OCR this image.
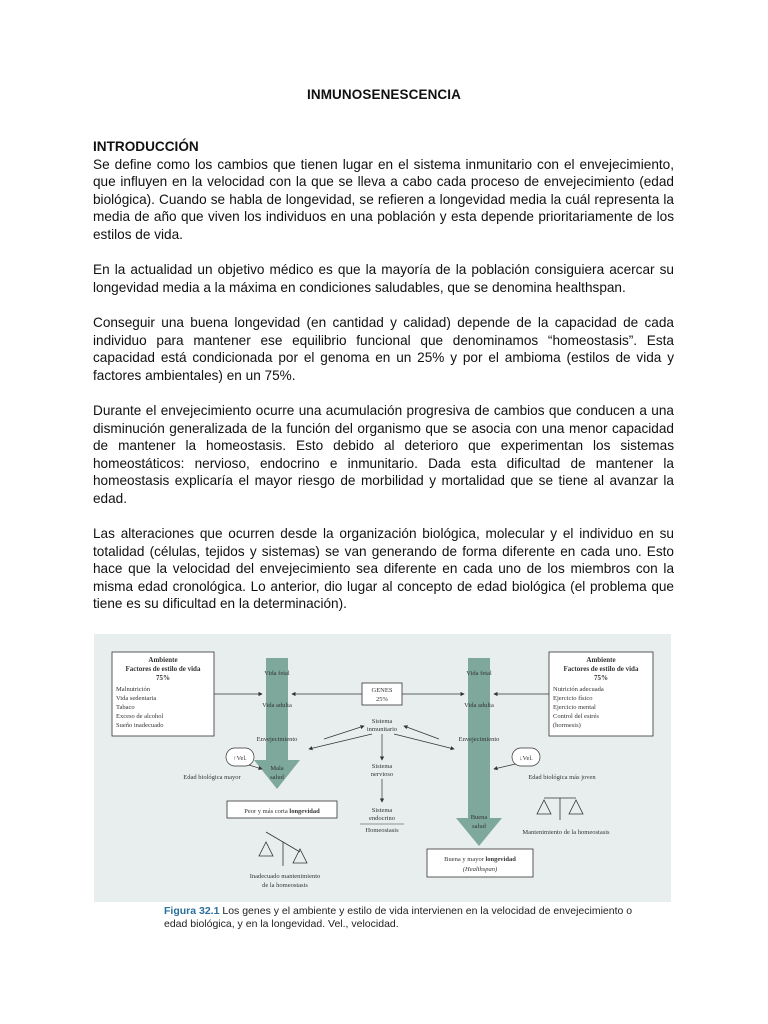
INMUNOSENESCENCIA
INTRODUCCIÓN

Se define como los cambios que tienen lugar en el sistema inmunitario con el envejecimiento, que influyen en la velocidad con la que se lleva a cabo cada proceso de envejecimiento (edad biológica). Cuando se habla de longevidad, se refieren a longevidad media la cuál representa la media de año que viven los individuos en una población y esta depende prioritariamente de los estilos de vida.

En la actualidad un objetivo médico es que la mayoría de la población consiguiera acercar su longevidad media a la máxima en condiciones saludables, que se denomina healthspan.

Conseguir una buena longevidad (en cantidad y calidad) depende de la capacidad de cada individuo para mantener ese equilibrio funcional que denominamos “homeostasis”. Esta capacidad está condicionada por el genoma en un 25% y por el ambioma (estilos de vida y factores ambientales) en un 75%.

Durante el envejecimiento ocurre una acumulación progresiva de cambios que conducen a una disminución generalizada de la función del organismo que se asocia con una menor capacidad de mantener la homeostasis. Esto debido al deterioro que experimentan los sistemas homeostáticos: nervioso, endocrino e inmunitario. Dada esta dificultad de mantener la homeostasis explicaría el mayor riesgo de morbilidad y mortalidad que se tiene al avanzar la edad.

Las alteraciones que ocurren desde la organización biológica, molecular y el individuo en su totalidad (células, tejidos y sistemas) se van generando de forma diferente en cada uno. Esto hace que la velocidad del envejecimiento sea diferente en cada uno de los miembros con la misma edad cronológica. Lo anterior, dio lugar al concepto de edad biológica (el problema que tiene es su dificultad en la determinación).

Ambiente
Factores de estilo de vida
75%
Malnutrición
Vida sedentaria
Tabaco
Exceso de alcohol
Sueño inadecuado
Ambiente
Factores de estilo de vida
75%
Nutrición adecuada
Ejercicio físico
Ejercicio mental
Control del estrés
(hormesis)
GENES
25%
Vida fetal
Vida adulta
Envejecimiento
Mala
salud
↑Vel.
Edad biológica mayor
Peor y más corta longevidad
Inadecuado mantenimiento
de la homeostasis
Sistema
inmunitario
Sistema
nervioso
Sistema
endocrino
Homeostasis
Vida fetal
Vida adulta
Envejecimiento
Buena
salud
↓Vel.
Edad biológica más joven
Mantenimiento de la homeostasis
Buena y mayor longevidad
(Healthspan)
Figura 32.1 Los genes y el ambiente y estilo de vida intervienen en la velocidad de envejecimiento o edad biológica, y en la longevidad. Vel., velocidad.
